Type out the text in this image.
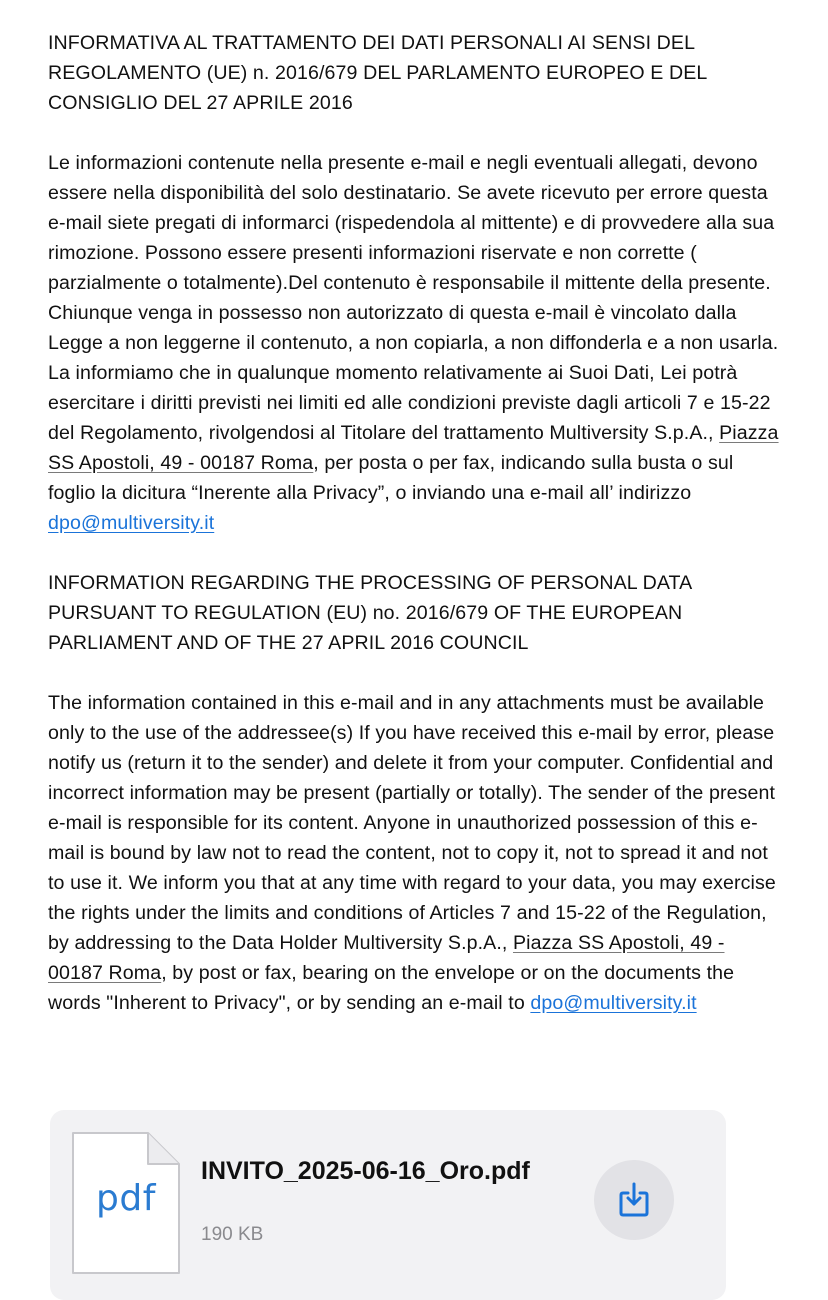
INFORMATIVA AL TRATTAMENTO DEI DATI PERSONALI AI SENSI DEL
REGOLAMENTO (UE) n. 2016/679 DEL PARLAMENTO EUROPEO E DEL
CONSIGLIO DEL 27 APRILE 2016

Le informazioni contenute nella presente e-mail e negli eventuali allegati, devono essere nella disponibilità del solo destinatario. Se avete ricevuto per errore questa e-mail siete pregati di informarci (rispedendola al mittente) e di provvedere alla sua rimozione. Possono essere presenti informazioni riservate e non corrette ( parzialmente o totalmente).Del contenuto è responsabile il mittente della presente. Chiunque venga in possesso non autorizzato di questa e-mail è vincolato dalla Legge a non leggerne il contenuto, a non copiarla, a non diffonderla e a non usarla. La informiamo che in qualunque momento relativamente ai Suoi Dati, Lei potrà esercitare i diritti previsti nei limiti ed alle condizioni previste dagli articoli 7 e 15-22 del Regolamento, rivolgendosi al Titolare del trattamento Multiversity S.p.A., Piazza SS Apostoli, 49 - 00187 Roma, per posta o per fax, indicando sulla busta o sul foglio la dicitura “Inerente alla Privacy”, o inviando una e-mail all’ indirizzo dpo@multiversity.it

INFORMATION REGARDING THE PROCESSING OF PERSONAL DATA
PURSUANT TO REGULATION (EU) no. 2016/679 OF THE EUROPEAN
PARLIAMENT AND OF THE 27 APRIL 2016 COUNCIL

The information contained in this e-mail and in any attachments must be available only to the use of the addressee(s) If you have received this e-mail by error, please notify us (return it to the sender) and delete it from your computer. Confidential and incorrect information may be present (partially or totally). The sender of the present e-mail is responsible for its content. Anyone in unauthorized possession of this e-mail is bound by law not to read the content, not to copy it, not to spread it and not to use it. We inform you that at any time with regard to your data, you may exercise the rights under the limits and conditions of Articles 7 and 15-22 of the Regulation, by addressing to the Data Holder Multiversity S.p.A., Piazza SS Apostoli, 49 - 00187 Roma, by post or fax, bearing on the envelope or on the documents the words "Inherent to Privacy", or by sending an e-mail to dpo@multiversity.it

pdf
INVITO_2025-06-16_Oro.pdf
190 KB
